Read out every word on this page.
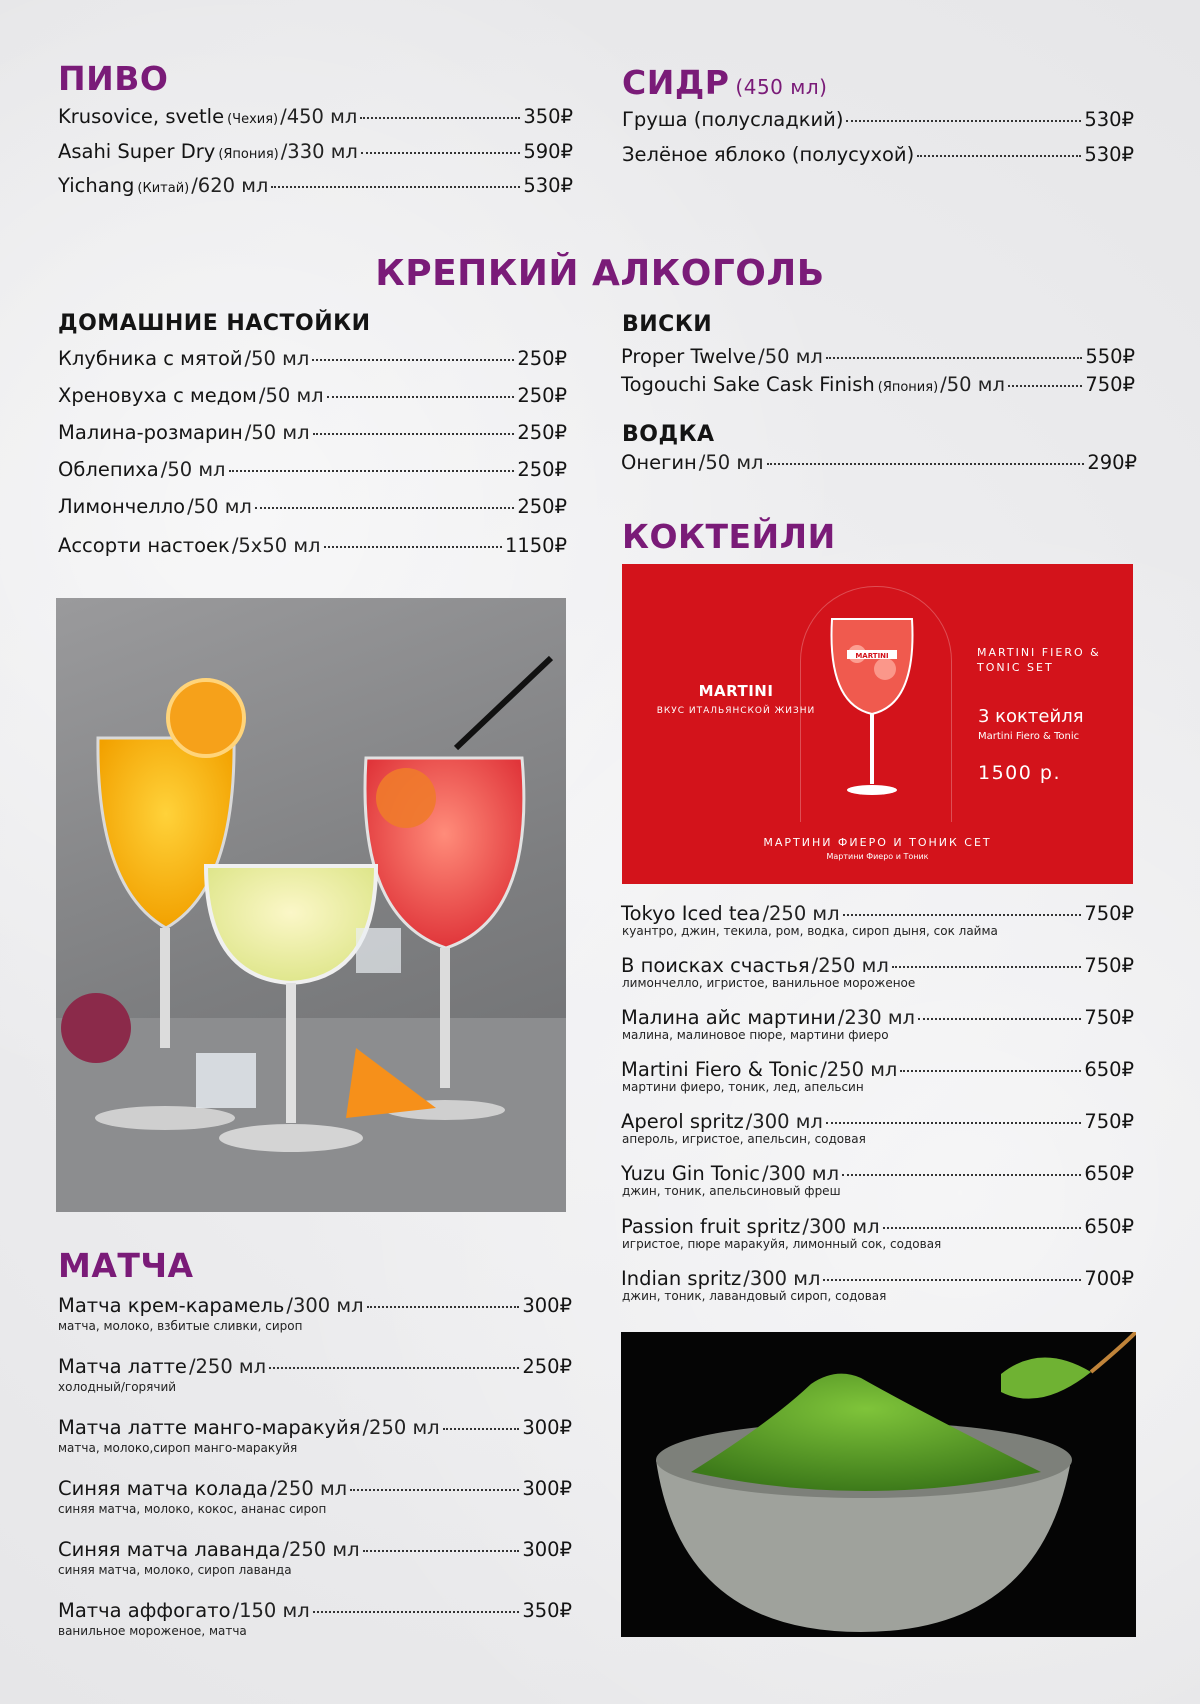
ПИВО
Krusovice, svetle (Чехия) /450 мл	350₽
Asahi Super Dry (Япония) /330 мл	590₽
Yichang (Китай) /620 мл	530₽
СИДР (450 мл)
Груша (полусладкий)	530₽
Зелёное яблоко (полусухой)	530₽
КРЕПКИЙ АЛКОГОЛЬ
ДОМАШНИЕ НАСТОЙКИ
Клубника с мятой /50 мл	250₽
Хреновуха с медом /50 мл	250₽
Малина-розмарин /50 мл	250₽
Облепиха /50 мл	250₽
Лимончелло /50 мл	250₽
Ассорти настоек /5х50 мл	1150₽
ВИСКИ
Proper Twelve /50 мл	550₽
Togouchi Sake Cask Finish (Япония) /50 мл	750₽
ВОДКА
Онегин /50 мл	290₽
КОКТЕЙЛИ
MARTINI
ВКУС ИТАЛЬЯНСКОЙ ЖИЗНИ
MARTINI	MARTINI FIERO & TONIC SET
3 коктейля
Martini Fiero & Tonic
1500 р.
МАРТИНИ ФИЕРО И ТОНИК СЕТ
Мартини Фиеро и Тоник
Tokyo Iced tea /250 мл	750₽
куантро, джин, текила, ром, водка, сироп дыня, сок лайма
В поисках счастья /250 мл	750₽
лимончелло, игристое, ванильное мороженое
Малина айс мартини /230 мл	750₽
малина, малиновое пюре, мартини фиеро
Martini Fiero & Tonic /250 мл	650₽
мартини фиеро, тоник, лед, апельсин
Aperol spritz /300 мл	750₽
апероль, игристое, апельсин, содовая
Yuzu Gin Tonic /300 мл	650₽
джин, тоник, апельсиновый фреш
Passion fruit spritz /300 мл	650₽
игристое, пюре маракуйя, лимонный сок, содовая
Indian spritz /300 мл	700₽
джин, тоник, лавандовый сироп, содовая
МАТЧА
Матча крем-карамель /300 мл	300₽
матча, молоко, взбитые сливки, сироп
Матча латте /250 мл	250₽
холодный/горячий
Матча латте манго-маракуйя /250 мл	300₽
матча, молоко,сироп манго-маракуйя
Синяя матча колада /250 мл	300₽
синяя матча, молоко, кокос, ананас сироп
Синяя матча лаванда /250 мл	300₽
синяя матча, молоко, сироп лаванда
Матча аффогато /150 мл	350₽
ванильное мороженое, матча
